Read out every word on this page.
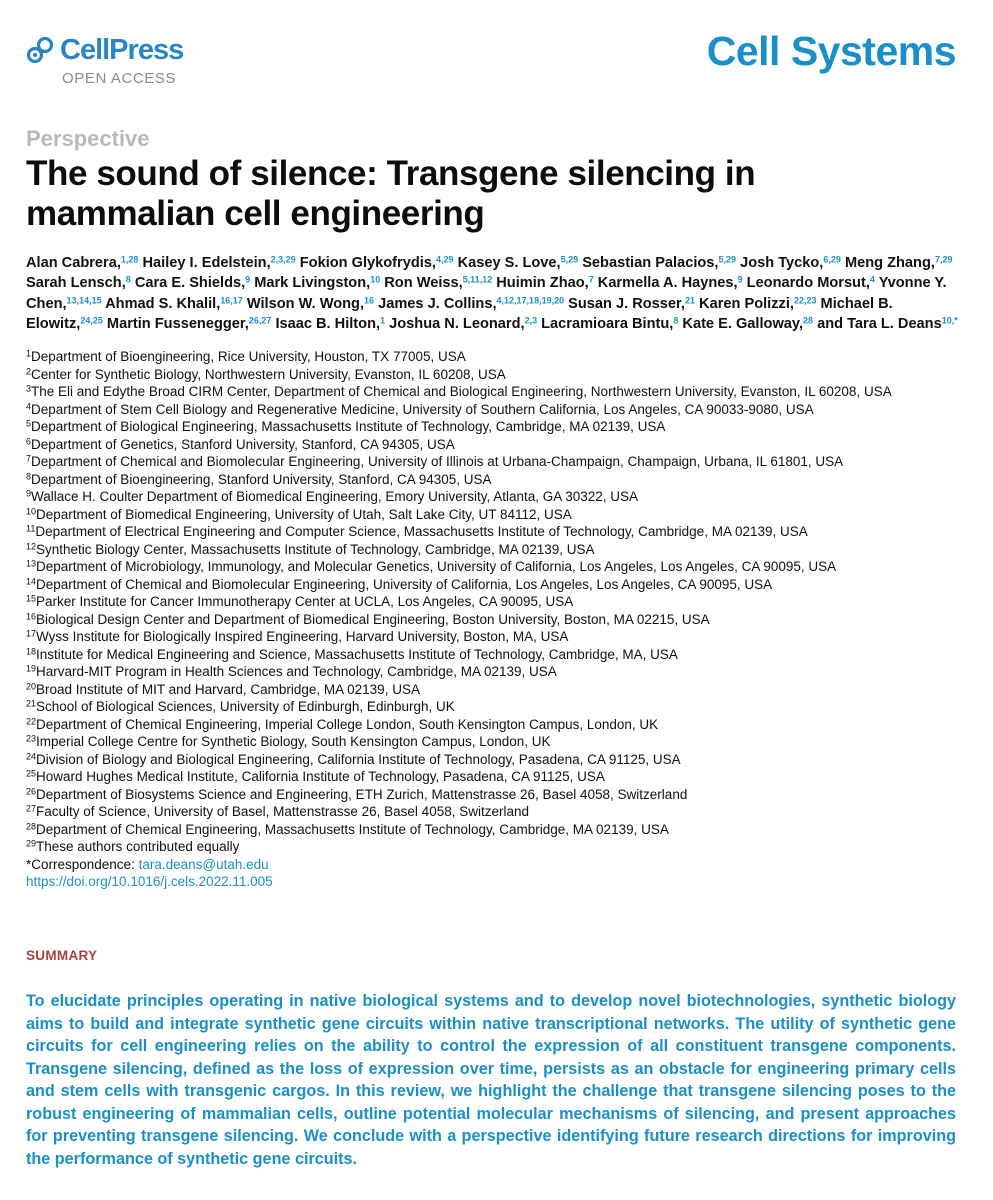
CellPress
OPEN ACCESS
Cell Systems
Perspective
The sound of silence: Transgene silencing in mammalian cell engineering

Alan Cabrera,$^{1,28}$ Hailey I. Edelstein,$^{2,3,29}$ Fokion Glykofrydis,$^{4,29}$ Kasey S. Love,$^{5,29}$ Sebastian Palacios,$^{5,29}$ Josh Tycko,$^{6,29}$ Meng Zhang,$^{7,29}$ Sarah Lensch,$^8$ Cara E. Shields,$^9$ Mark Livingston,$^{10}$ Ron Weiss,$^{5,11,12}$ Huimin Zhao,$^7$ Karmella A. Haynes,$^9$ Leonardo Morsut,$^4$ Yvonne Y. Chen,$^{13,14,15}$ Ahmad S. Khalil,$^{16,17}$ Wilson W. Wong,$^{16}$ James J. Collins,$^{4,12,17,18,19,20}$ Susan J. Rosser,$^{21}$ Karen Polizzi,$^{22,23}$ Michael B. Elowitz,$^{24,25}$ Martin Fussenegger,$^{26,27}$ Isaac B. Hilton,$^1$ Joshua N. Leonard,$^{2,3}$ Lacramioara Bintu,$^8$ Kate E. Galloway,$^{28}$ and Tara L. Deans$^{10,*}$

$^1$Department of Bioengineering, Rice University, Houston, TX 77005, USA
$^2$Center for Synthetic Biology, Northwestern University, Evanston, IL 60208, USA
$^3$The Eli and Edythe Broad CIRM Center, Department of Chemical and Biological Engineering, Northwestern University, Evanston, IL 60208, USA
$^4$Department of Stem Cell Biology and Regenerative Medicine, University of Southern California, Los Angeles, CA 90033-9080, USA
$^5$Department of Biological Engineering, Massachusetts Institute of Technology, Cambridge, MA 02139, USA
$^6$Department of Genetics, Stanford University, Stanford, CA 94305, USA
$^7$Department of Chemical and Biomolecular Engineering, University of Illinois at Urbana-Champaign, Champaign, Urbana, IL 61801, USA
$^8$Department of Bioengineering, Stanford University, Stanford, CA 94305, USA
$^9$Wallace H. Coulter Department of Biomedical Engineering, Emory University, Atlanta, GA 30322, USA
$^{10}$Department of Biomedical Engineering, University of Utah, Salt Lake City, UT 84112, USA
$^{11}$Department of Electrical Engineering and Computer Science, Massachusetts Institute of Technology, Cambridge, MA 02139, USA
$^{12}$Synthetic Biology Center, Massachusetts Institute of Technology, Cambridge, MA 02139, USA
$^{13}$Department of Microbiology, Immunology, and Molecular Genetics, University of California, Los Angeles, Los Angeles, CA 90095, USA
$^{14}$Department of Chemical and Biomolecular Engineering, University of California, Los Angeles, Los Angeles, CA 90095, USA
$^{15}$Parker Institute for Cancer Immunotherapy Center at UCLA, Los Angeles, CA 90095, USA
$^{16}$Biological Design Center and Department of Biomedical Engineering, Boston University, Boston, MA 02215, USA
$^{17}$Wyss Institute for Biologically Inspired Engineering, Harvard University, Boston, MA, USA
$^{18}$Institute for Medical Engineering and Science, Massachusetts Institute of Technology, Cambridge, MA, USA
$^{19}$Harvard-MIT Program in Health Sciences and Technology, Cambridge, MA 02139, USA
$^{20}$Broad Institute of MIT and Harvard, Cambridge, MA 02139, USA
$^{21}$School of Biological Sciences, University of Edinburgh, Edinburgh, UK
$^{22}$Department of Chemical Engineering, Imperial College London, South Kensington Campus, London, UK
$^{23}$Imperial College Centre for Synthetic Biology, South Kensington Campus, London, UK
$^{24}$Division of Biology and Biological Engineering, California Institute of Technology, Pasadena, CA 91125, USA
$^{25}$Howard Hughes Medical Institute, California Institute of Technology, Pasadena, CA 91125, USA
$^{26}$Department of Biosystems Science and Engineering, ETH Zurich, Mattenstrasse 26, Basel 4058, Switzerland
$^{27}$Faculty of Science, University of Basel, Mattenstrasse 26, Basel 4058, Switzerland
$^{28}$Department of Chemical Engineering, Massachusetts Institute of Technology, Cambridge, MA 02139, USA
$^{29}$These authors contributed equally
*Correspondence: tara.deans@utah.edu
https://doi.org/10.1016/j.cels.2022.11.005
SUMMARY

To elucidate principles operating in native biological systems and to develop novel biotechnologies, synthetic biology aims to build and integrate synthetic gene circuits within native transcriptional networks. The utility of synthetic gene circuits for cell engineering relies on the ability to control the expression of all constituent transgene components. Transgene silencing, defined as the loss of expression over time, persists as an obstacle for engineering primary cells and stem cells with transgenic cargos. In this review, we highlight the challenge that transgene silencing poses to the robust engineering of mammalian cells, outline potential molecular mechanisms of silencing, and present approaches for preventing transgene silencing. We conclude with a perspective identifying future research directions for improving the performance of synthetic gene circuits.
